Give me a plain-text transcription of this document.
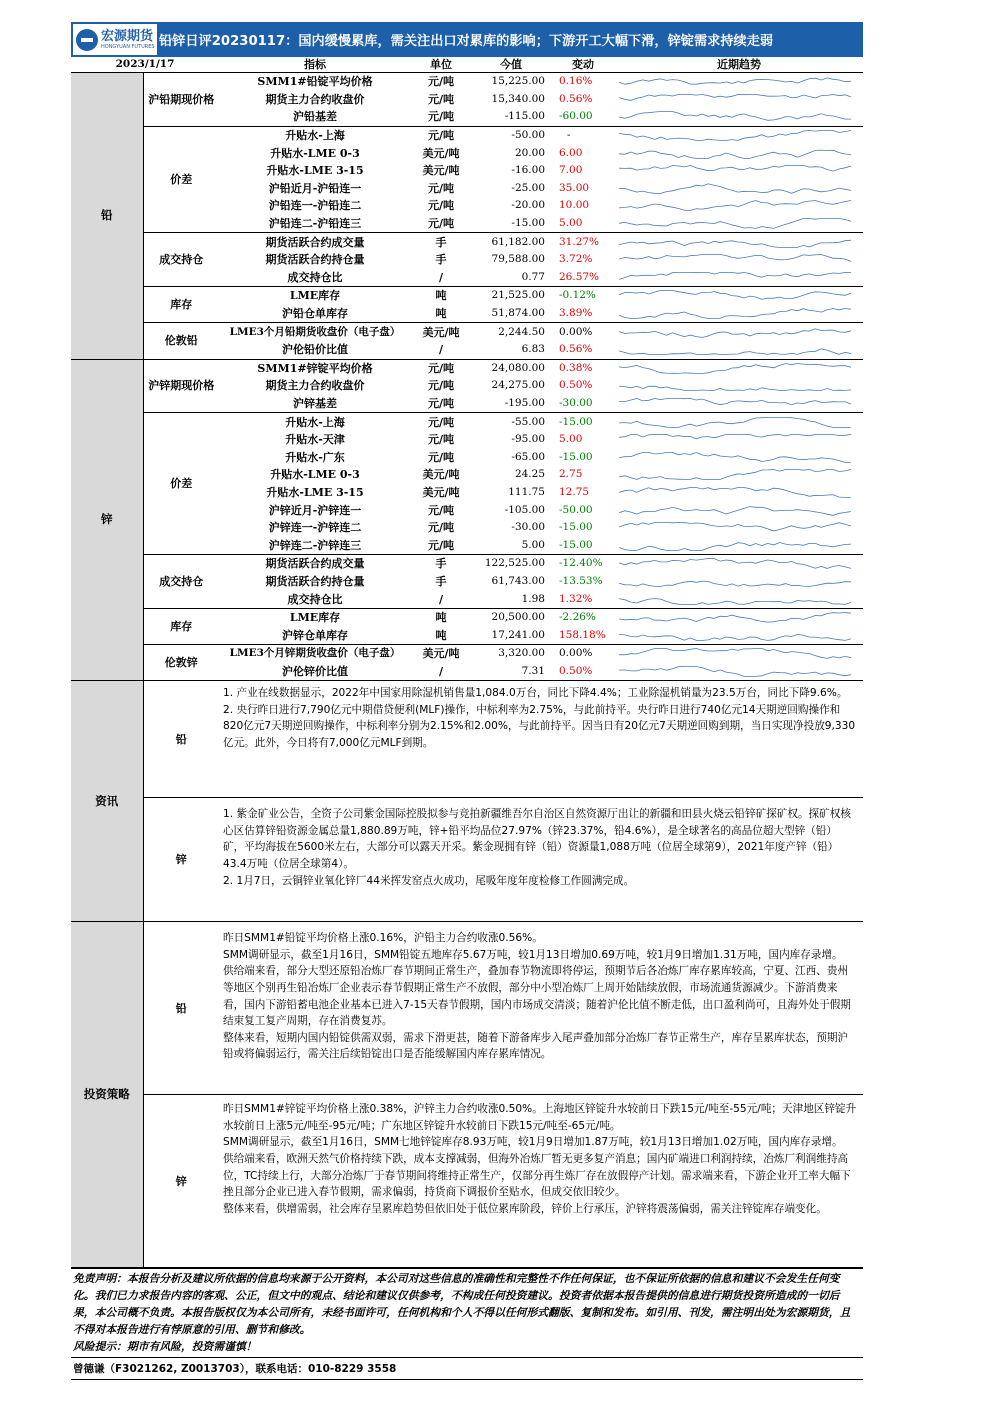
宏源期货
HONGYUAN FUTURES 铅锌日评20230117：国内缓慢累库，需关注出口对累库的影响；下游开工大幅下滑，锌锭需求持续走弱
2023/1/17		指标	单位	今值	变动	近期趋势
铅	沪铅期现价格	SMM1#铅锭平均价格	元/吨	15,225.00	0.16%	

		期货主力合约收盘价	元/吨	15,340.00	0.56%	

		沪铅基差	元/吨	-115.00	-60.00	

	价差	升贴水-上海	元/吨	-50.00	-	

		升贴水-LME 0-3	美元/吨	20.00	6.00	

		升贴水-LME 3-15	美元/吨	-16.00	7.00	

		沪铅近月-沪铅连一	元/吨	-25.00	35.00	

		沪铅连一-沪铅连二	元/吨	-20.00	10.00	

		沪铅连二-沪铅连三	元/吨	-15.00	5.00	

	成交持仓	期货活跃合约成交量	手	61,182.00	31.27%	

		期货活跃合约持仓量	手	79,588.00	3.72%	

		成交持仓比	/	0.77	26.57%	

	库存	LME库存	吨	21,525.00	-0.12%	

		沪铅仓单库存	吨	51,874.00	3.89%	

	伦敦铅	LME3个月铅期货收盘价（电子盘）	美元/吨	2,244.50	0.00%	

		沪伦铅价比值	/	6.83	0.56%	

锌	沪锌期现价格	SMM1#锌锭平均价格	元/吨	24,080.00	0.38%	

		期货主力合约收盘价	元/吨	24,275.00	0.50%	

		沪锌基差	元/吨	-195.00	-30.00	

	价差	升贴水-上海	元/吨	-55.00	-15.00	

		升贴水-天津	元/吨	-95.00	5.00	

		升贴水-广东	元/吨	-65.00	-15.00	

		升贴水-LME 0-3	美元/吨	24.25	2.75	

		升贴水-LME 3-15	美元/吨	111.75	12.75	

		沪锌近月-沪锌连一	元/吨	-105.00	-50.00	

		沪锌连一-沪锌连二	元/吨	-30.00	-15.00	

		沪锌连二-沪锌连三	元/吨	5.00	-15.00	

	成交持仓	期货活跃合约成交量	手	122,525.00	-12.40%	

		期货活跃合约持仓量	手	61,743.00	-13.53%	

		成交持仓比	/	1.98	1.32%	

	库存	LME库存	吨	20,500.00	-2.26%	

		沪锌仓单库存	吨	17,241.00	158.18%	

	伦敦锌	LME3个月锌期货收盘价（电子盘）	美元/吨	3,320.00	0.00%	

		沪伦锌价比值	/	7.31	0.50%	
资讯	铅	1. 产业在线数据显示，2022年中国家用除湿机销售量1,084.0万台，同比下降4.4%；工业除湿机销量为23.5万台，同比下降9.6%。

2. 央行昨日进行7,790亿元中期借贷便利(MLF)操作，中标利率为2.75%，与此前持平。央行昨日进行740亿元14天期逆回购操作和820亿元7天期逆回购操作，中标利率分别为2.15%和2.00%，与此前持平。因当日有20亿元7天期逆回购到期，当日实现净投放9,330亿元。此外，今日将有7,000亿元MLF到期。

	锌	1. 紫金矿业公告，全资子公司紫金国际控股拟参与竞拍新疆维吾尔自治区自然资源厅出让的新疆和田县火烧云铅锌矿探矿权。探矿权核心区估算锌铅资源金属总量1,880.89万吨，锌+铅平均品位27.97%（锌23.37%，铅4.6%），是全球著名的高品位超大型锌（铅）矿，平均海拔在5600米左右，大部分可以露天开采。紫金现拥有锌（铅）资源量1,088万吨（位居全球第9），2021年度产锌（铅）43.4万吨（位居全球第4）。

2. 1月7日，云铜锌业氧化锌厂44米挥发窑点火成功，尾吸年度年度检修工作圆满完成。

投资策略	铅	昨日SMM1#铅锭平均价格上涨0.16%，沪铅主力合约收涨0.56%。

SMM调研显示，截至1月16日，SMM铅锭五地库存5.67万吨，较1月13日增加0.69万吨，较1月9日增加1.31万吨，国内库存录增。

供给端来看，部分大型还原铅冶炼厂春节期间正常生产，叠加春节物流即将停运，预期节后各冶炼厂库存累库较高，宁夏、江西、贵州等地区个别再生铅冶炼厂企业表示春节假期正常生产不放假，部分中小型冶炼厂上周开始陆续放假，市场流通货源减少。下游消费来看，国内下游铅蓄电池企业基本已进入7-15天春节假期，国内市场成交清淡；随着沪伦比值不断走低，出口盈利尚可，且海外处于假期结束复工复产周期，存在消费复苏。

整体来看，短期内国内铅锭供需双弱，需求下滑更甚，随着下游备库步入尾声叠加部分冶炼厂春节正常生产，库存呈累库状态，预期沪铅或将偏弱运行，需关注后续铅锭出口是否能缓解国内库存累库情况。

	锌	昨日SMM1#锌锭平均价格上涨0.38%，沪锌主力合约收涨0.50%。上海地区锌锭升水较前日下跌15元/吨至-55元/吨；天津地区锌锭升水较前日上涨5元/吨至-95元/吨；广东地区锌锭升水较前日下跌15元/吨至-65元/吨。

SMM调研显示，截至1月16日，SMM七地锌锭库存8.93万吨，较1月9日增加1.87万吨，较1月13日增加1.02万吨，国内库存录增。

供给端来看，欧洲天然气价格持续下跌，成本支撑减弱，但海外冶炼厂暂无更多复产消息；国内矿端进口利润持续，冶炼厂利润维持高位，TC持续上行，大部分冶炼厂于春节期间将维持正常生产，仅部分再生炼厂存在放假停产计划。需求端来看，下游企业开工率大幅下挫且部分企业已进入春节假期，需求偏弱，持货商下调报价至贴水，但成交依旧较少。

整体来看，供增需弱，社会库存呈累库趋势但依旧处于低位累库阶段，锌价上行承压，沪锌将震荡偏弱，需关注锌锭库存端变化。

免责声明：本报告分析及建议所依据的信息均来源于公开资料，本公司对这些信息的准确性和完整性不作任何保证，也不保证所依据的信息和建议不会发生任何变化。我们已力求报告内容的客观、公正，但文中的观点、结论和建议仅供参考，不构成任何投资建议。投资者依据本报告提供的信息进行期货投资所造成的一切后果，本公司概不负责。本报告版权仅为本公司所有，未经书面许可，任何机构和个人不得以任何形式翻版、复制和发布。如引用、刊发，需注明出处为宏源期货，且不得对本报告进行有悖原意的引用、删节和修改。

风险提示：期市有风险，投资需谨慎！

曾德谦（F3021262, Z0013703），联系电话：010-8229 3558
